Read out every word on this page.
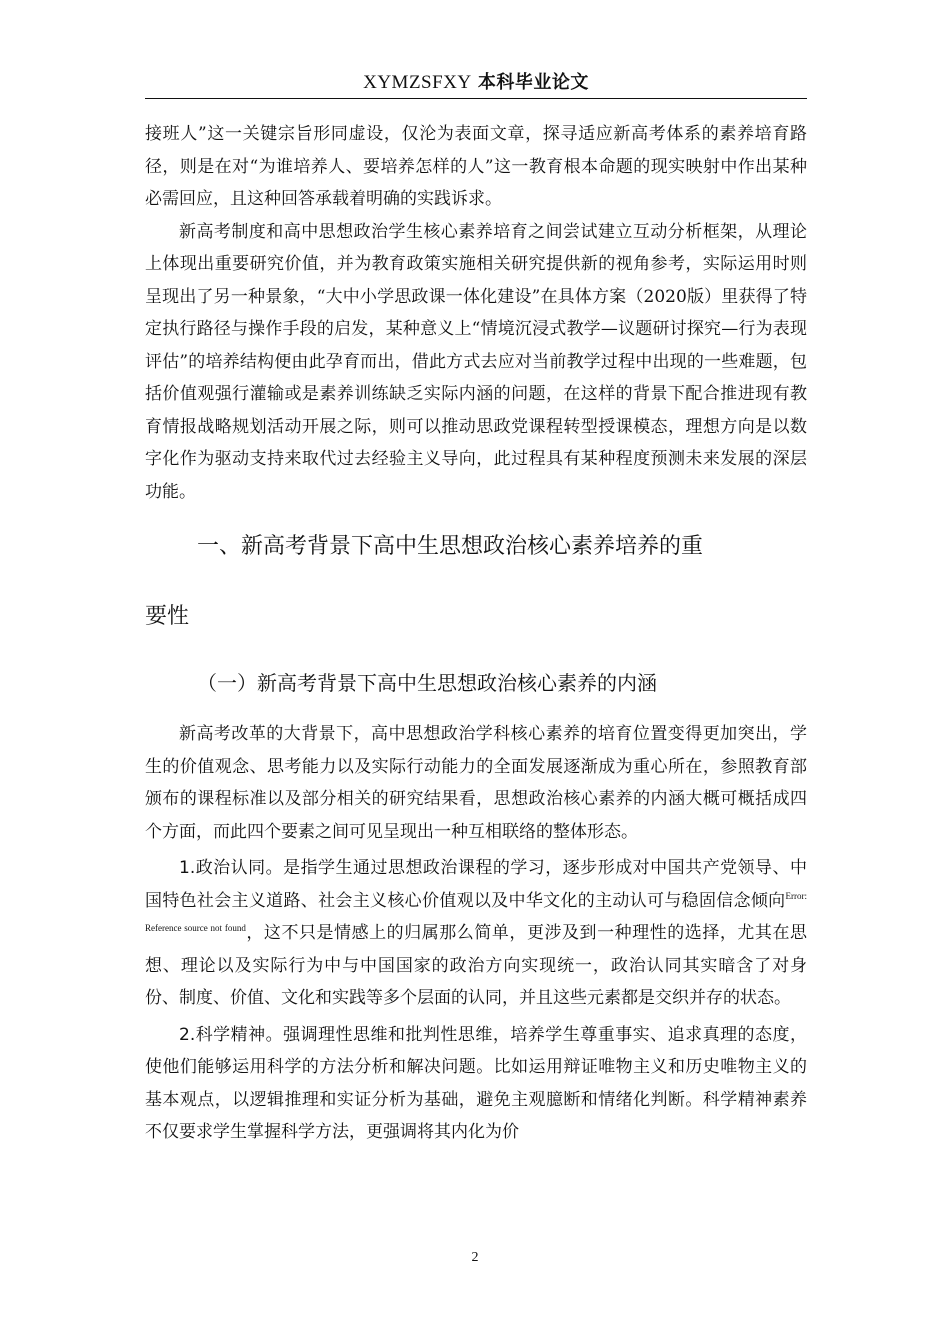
XYMZSFXY 本科毕业论文

接班人”这一关键宗旨形同虚设，仅沦为表面文章，探寻适应新高考体系的素养培育路径，则是在对“为谁培养人、要培养怎样的人”这一教育根本命题的现实映射中作出某种必需回应，且这种回答承载着明确的实践诉求。

新高考制度和高中思想政治学生核心素养培育之间尝试建立互动分析框架，从理论上体现出重要研究价值，并为教育政策实施相关研究提供新的视角参考，实际运用时则呈现出了另一种景象，“大中小学思政课一体化建设”在具体方案（2020版）里获得了特定执行路径与操作手段的启发，某种意义上“情境沉浸式教学—议题研讨探究—行为表现评估”的培养结构便由此孕育而出，借此方式去应对当前教学过程中出现的一些难题，包括价值观强行灌输或是素养训练缺乏实际内涵的问题，在这样的背景下配合推进现有教育情报战略规划活动开展之际，则可以推动思政党课程转型授课模态，理想方向是以数字化作为驱动支持来取代过去经验主义导向，此过程具有某种程度预测未来发展的深层功能。

一、新高考背景下高中生思想政治核心素养培养的重
要性
（一）新高考背景下高中生思想政治核心素养的内涵

新高考改革的大背景下，高中思想政治学科核心素养的培育位置变得更加突出，学生的价值观念、思考能力以及实际行动能力的全面发展逐渐成为重心所在，参照教育部颁布的课程标准以及部分相关的研究结果看，思想政治核心素养的内涵大概可概括成四个方面，而此四个要素之间可见呈现出一种互相联络的整体形态。

1.政治认同。是指学生通过思想政治课程的学习，逐步形成对中国共产党领导、中国特色社会主义道路、社会主义核心价值观以及中华文化的主动认可与稳固信念倾向$^{Error: Reference source not found}$，这不只是情感上的归属那么简单，更涉及到一种理性的选择，尤其在思想、理论以及实际行为中与中国国家的政治方向实现统一，政治认同其实暗含了对身份、制度、价值、文化和实践等多个层面的认同，并且这些元素都是交织并存的状态。

2.科学精神。强调理性思维和批判性思维，培养学生尊重事实、追求真理的态度，使他们能够运用科学的方法分析和解决问题。比如运用辩证唯物主义和历史唯物主义的基本观点，以逻辑推理和实证分析为基础，避免主观臆断和情绪化判断。科学精神素养不仅要求学生掌握科学方法，更强调将其内化为价

2
